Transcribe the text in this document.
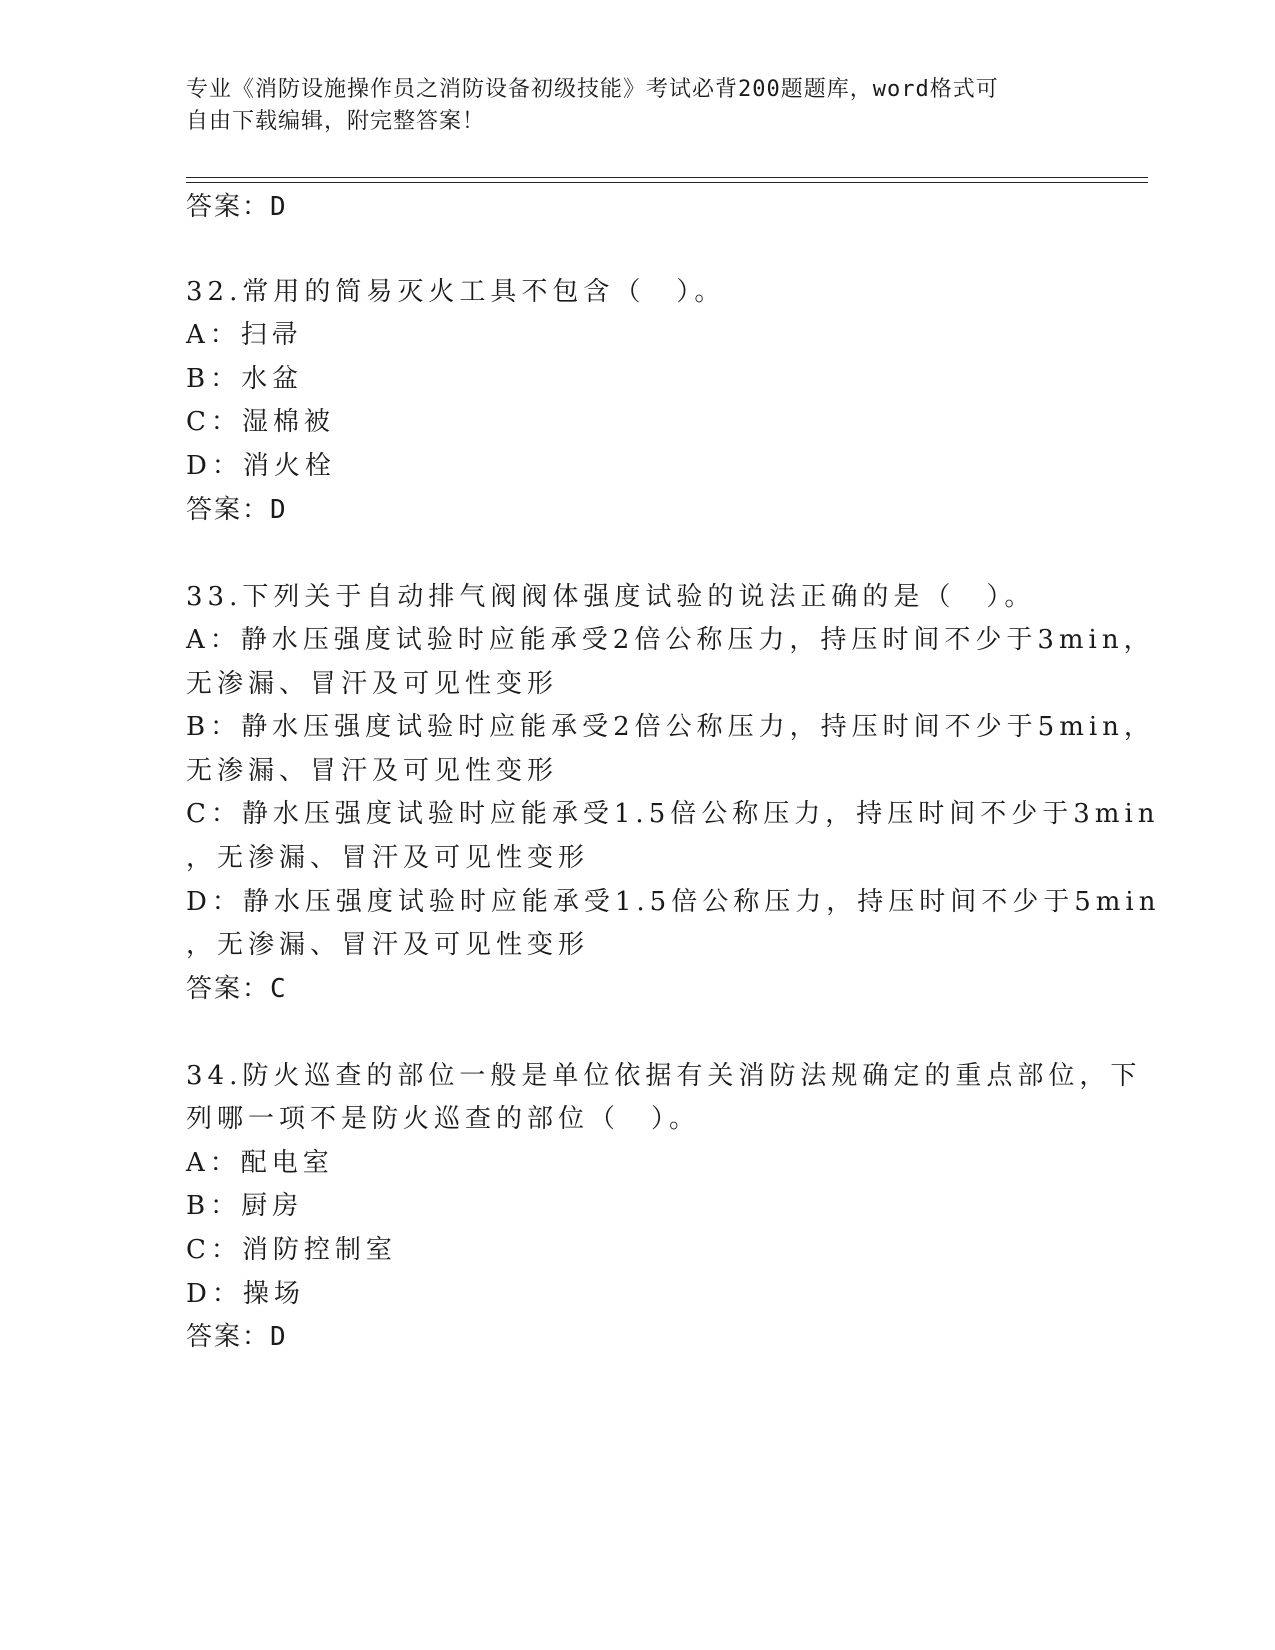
专业《消防设施操作员之消防设备初级技能》考试必背200题题库，word格式可
自由下载编辑，附完整答案！
答案：D
32.常用的简易灭火工具不包含（　）。
A：扫帚
B：水盆
C：湿棉被
D：消火栓
答案：D
33.下列关于自动排气阀阀体强度试验的说法正确的是（　）。
A：静水压强度试验时应能承受2倍公称压力，持压时间不少于3min，
无渗漏、冒汗及可见性变形
B：静水压强度试验时应能承受2倍公称压力，持压时间不少于5min，
无渗漏、冒汗及可见性变形
C：静水压强度试验时应能承受1.5倍公称压力，持压时间不少于3min
，无渗漏、冒汗及可见性变形
D：静水压强度试验时应能承受1.5倍公称压力，持压时间不少于5min
，无渗漏、冒汗及可见性变形
答案：C
34.防火巡查的部位一般是单位依据有关消防法规确定的重点部位，下
列哪一项不是防火巡查的部位（　）。
A：配电室
B：厨房
C：消防控制室
D：操场
答案：D
